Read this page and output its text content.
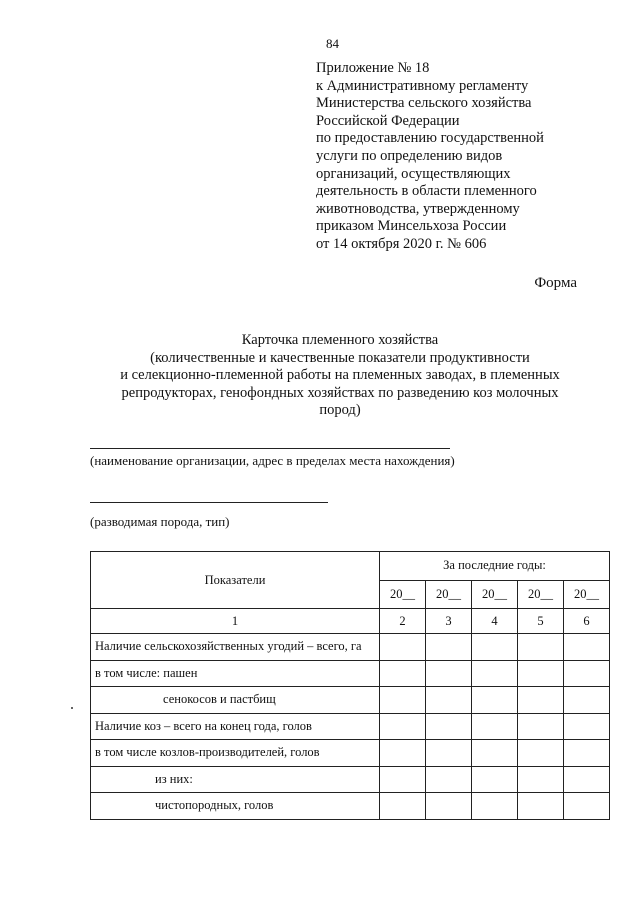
84

Приложение № 18
к Административному регламенту
Министерства сельского хозяйства
Российской Федерации
по предоставлению государственной
услуги по определению видов
организаций, осуществляющих
деятельность в области племенного
животноводства, утвержденному
приказом Минсельхоза России
от 14 октября 2020 г. № 606

Форма

Карточка племенного хозяйства
(количественные и качественные показатели продуктивности
и селекционно-племенной работы на племенных заводах, в племенных
репродукторах, генофондных хозяйствах по разведению коз молочных
пород)

(наименование организации, адрес в пределах места нахождения)

(разводимая порода, тип)

Показатели	За последние годы:				
	20__	20__	20__	20__	20__
1	2	3	4	5	6
Наличие сельскохозяйственных угодий – всего, га					
в том числе: пашен					
сенокосов и пастбищ					
Наличие коз – всего на конец года, голов					
в том числе козлов-производителей, голов					
из них:					
чистопородных, голов					
